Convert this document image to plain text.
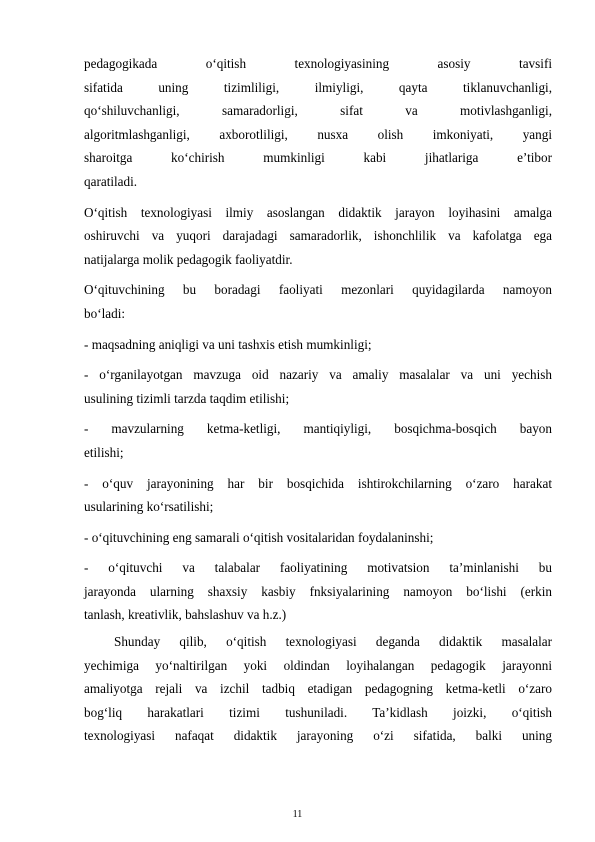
pedagogikada o‘qitish texnologiyasining asosiy tavsifi
sifatida uning tizimliligi, ilmiyligi, qayta tiklanuvchanligi,
qo‘shiluvchanligi, samaradorligi, sifat va motivlashganligi,
algoritmlashganligi, axborotliligi, nusxa olish imkoniyati, yangi
sharoitga ko‘chirish mumkinligi kabi jihatlariga e’tibor
qaratiladi.

O‘qitish texnologiyasi ilmiy asoslangan didaktik jarayon loyihasini amalga
oshiruvchi va yuqori darajadagi samaradorlik, ishonchlilik va kafolatga ega
natijalarga molik pedagogik faoliyatdir.

O‘qituvchining bu boradagi faoliyati mezonlari quyidagilarda namoyon
bo‘ladi:

- maqsadning aniqligi va uni tashxis etish mumkinligi;

- o‘rganilayotgan mavzuga oid nazariy va amaliy masalalar va uni yechish
usulining tizimli tarzda taqdim etilishi;

- mavzularning ketma-ketligi, mantiqiyligi, bosqichma-bosqich bayon
etilishi;

- o‘quv jarayonining har bir bosqichida ishtirokchilarning o‘zaro harakat
usularining ko‘rsatilishi;

- o‘qituvchining eng samarali o‘qitish vositalaridan foydalaninshi;

- o‘qituvchi va talabalar faoliyatining motivatsion ta’minlanishi bu
jarayonda ularning shaxsiy kasbiy fnksiyalarining namoyon bo‘lishi (erkin
tanlash, kreativlik, bahslashuv va h.z.)

Shunday qilib, o‘qitish texnologiyasi deganda didaktik masalalar
yechimiga yo‘naltirilgan yoki oldindan loyihalangan pedagogik jarayonni
amaliyotga rejali va izchil tadbiq etadigan pedagogning ketma-ketli o‘zaro
bog‘liq harakatlari tizimi tushuniladi. Ta’kidlash joizki, o‘qitish
texnologiyasi nafaqat didaktik jarayoning o‘zi sifatida, balki uning

11
